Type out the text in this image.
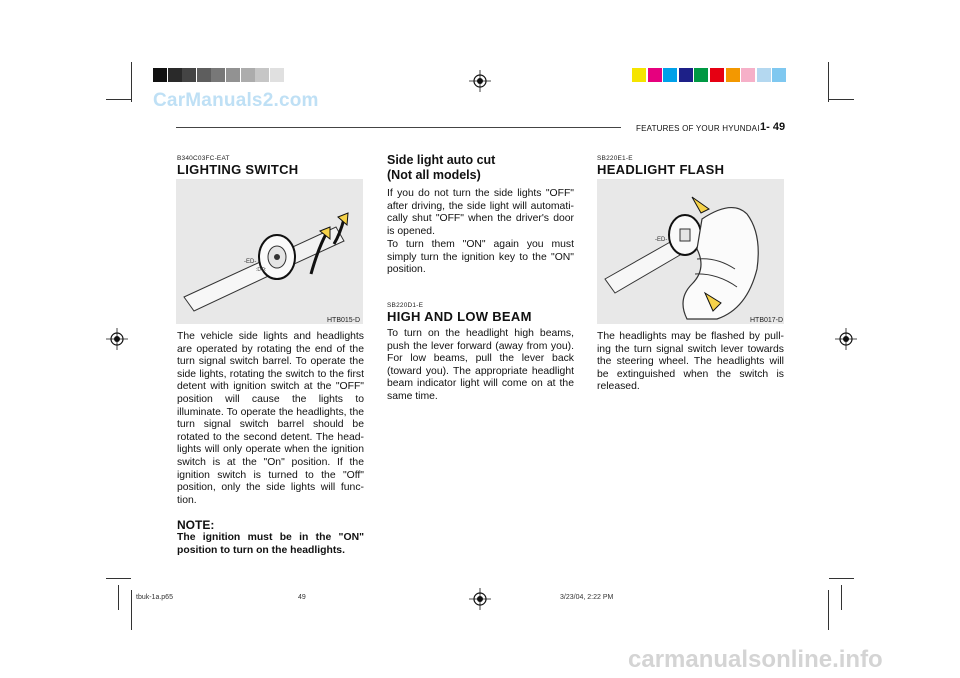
CarManuals2.com
carmanualsonline.info
FEATURES OF YOUR HYUNDAI 1- 49
B340C03FC-EAT
LIGHTING SWITCH
-ED-
:DO:
HTB015-D
The vehicle side lights and headlights are operated by rotating the end of the turn signal switch barrel. To operate the side lights, rotating the switch to the first detent with ignition switch at the "OFF" position will cause the lights to illuminate. To operate the headlights, the turn signal switch barrel should be rotated to the second detent. The head-lights will only operate when the ignition switch is at the "On" position. If the ignition switch is turned to the "Off" position, only the side lights will func-tion.
NOTE:
The ignition must be in the "ON" position to turn on the headlights.
Side light auto cut
(Not all models)
If you do not turn the side lights "OFF" after driving, the side light will automati-cally shut "OFF" when the driver's door is opened.
To turn them "ON" again you must simply turn the ignition key to the "ON" position.
SB220D1-E
HIGH AND LOW BEAM
To turn on the headlight high beams, push the lever forward (away from you). For low beams, pull the lever back (toward you). The appropriate headlight beam indicator light will come on at the same time.
SB220E1-E
HEADLIGHT FLASH
-ED-
HTB017-D
The headlights may be flashed by pull-ing the turn signal switch lever towards the steering wheel. The headlights will be extinguished when the switch is released.
tbuk-1a.p65	49	3/23/04, 2:22 PM
